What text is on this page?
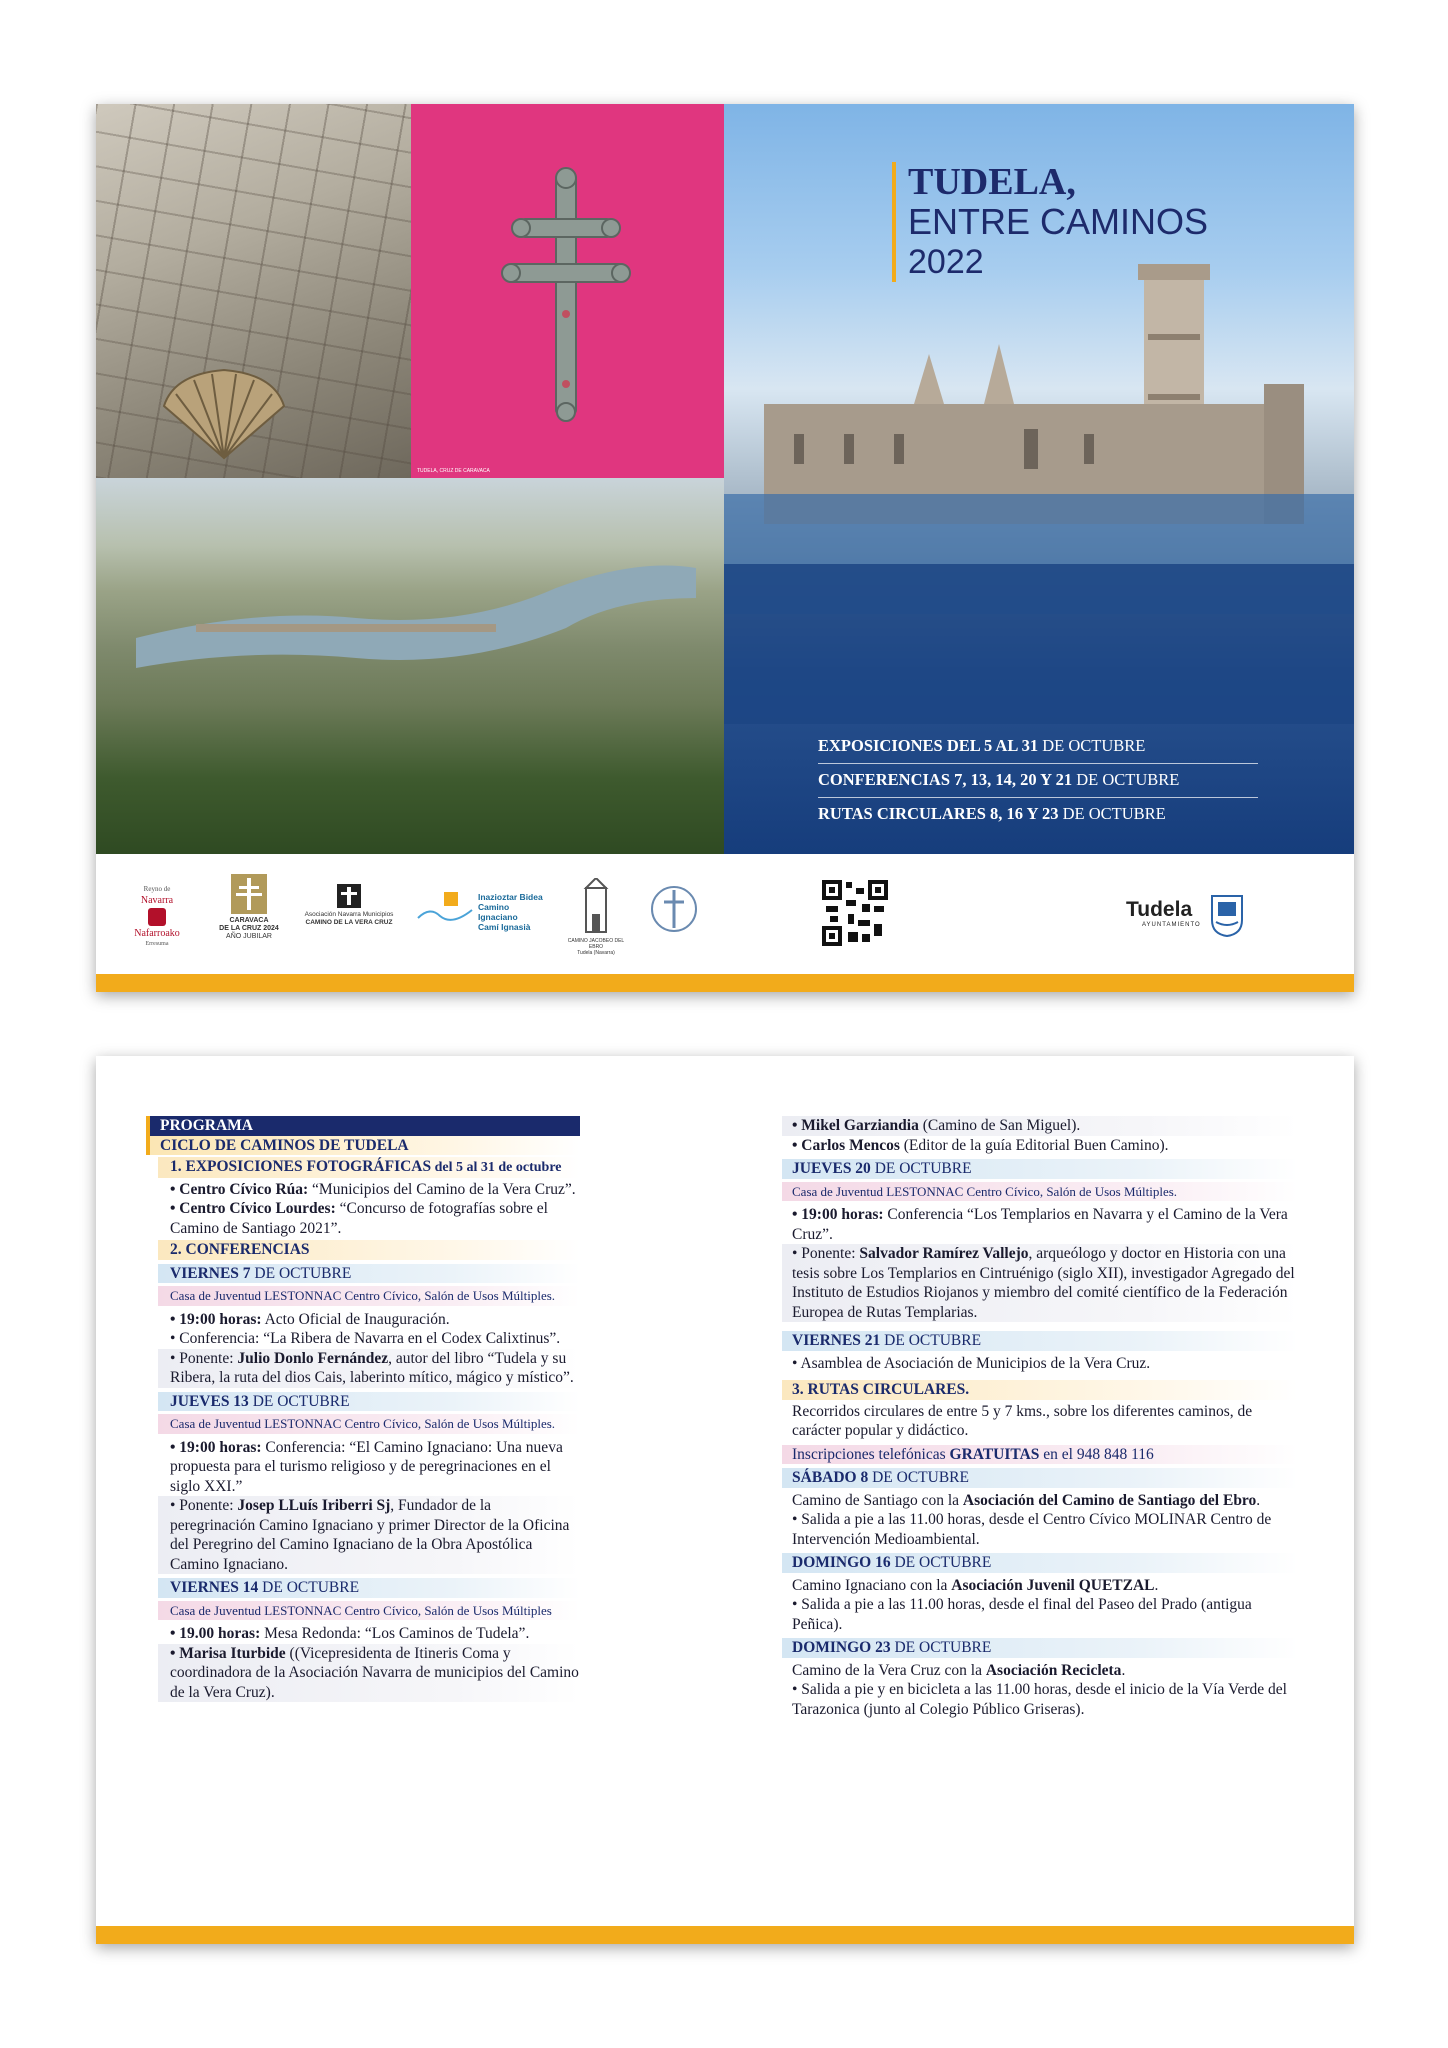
TUDELA, CRUZ DE CARAVACA
TUDELA,
ENTRE CAMINOS
2022
EXPOSICIONES DEL 5 AL 31 DE OCTUBRE
CONFERENCIAS 7, 13, 14, 20 Y 21 DE OCTUBRE
RUTAS CIRCULARES 8, 16 Y 23 DE OCTUBRE
Reyno de
Navarra
Nafarroako
Erresuma
CARAVACA
DE LA CRUZ 2024
AÑO JUBILAR
Asociación Navarra Municipios
CAMINO DE LA VERA CRUZ
Inazioztar Bidea
Camino Ignaciano
Camí Ignasià
CAMINO JACOBEO DEL EBRO
Tudela (Navarra)
Tudela
AYUNTAMIENTO
PROGRAMA
CICLO DE CAMINOS DE TUDELA
1. EXPOSICIONES FOTOGRÁFICAS del 5 al 31 de octubre
• Centro Cívico Rúa: “Municipios del Camino de la Vera Cruz”.
• Centro Cívico Lourdes: “Concurso de fotografías sobre el Camino de Santiago 2021”.
2. CONFERENCIAS
VIERNES 7 DE OCTUBRE
Casa de Juventud LESTONNAC Centro Cívico, Salón de Usos Múltiples.
• 19:00 horas: Acto Oficial de Inauguración.
• Conferencia: “La Ribera de Navarra en el Codex Calixtinus”.
• Ponente: Julio Donlo Fernández, autor del libro “Tudela y su Ribera, la ruta del dios Cais, laberinto mítico, mágico y místico”.
JUEVES 13 DE OCTUBRE
Casa de Juventud LESTONNAC Centro Cívico, Salón de Usos Múltiples.
• 19:00 horas: Conferencia: “El Camino Ignaciano: Una nueva propuesta para el turismo religioso y de peregrinaciones en el siglo XXI.”
• Ponente: Josep LLuís Iriberri Sj, Fundador de la peregrinación Camino Ignaciano y primer Director de la Oficina del Peregrino del Camino Ignaciano de la Obra Apostólica Camino Ignaciano.
VIERNES 14 DE OCTUBRE
Casa de Juventud LESTONNAC Centro Cívico, Salón de Usos Múltiples
• 19.00 horas: Mesa Redonda: “Los Caminos de Tudela”.
• Marisa Iturbide ((Vicepresidenta de Itineris Coma y coordinadora de la Asociación Navarra de municipios del Camino de la Vera Cruz).
• Mikel Garziandia (Camino de San Miguel).
• Carlos Mencos (Editor de la guía Editorial Buen Camino).
JUEVES 20 DE OCTUBRE
Casa de Juventud LESTONNAC Centro Cívico, Salón de Usos Múltiples.
• 19:00 horas: Conferencia “Los Templarios en Navarra y el Camino de la Vera Cruz”.
• Ponente: Salvador Ramírez Vallejo, arqueólogo y doctor en Historia con una tesis sobre Los Templarios en Cintruénigo (siglo XII), investigador Agregado del Instituto de Estudios Riojanos y miembro del comité científico de la Federación Europea de Rutas Templarias.
VIERNES 21 DE OCTUBRE
• Asamblea de Asociación de Municipios de la Vera Cruz.
3. RUTAS CIRCULARES.
Recorridos circulares de entre 5 y 7 kms., sobre los diferentes caminos, de carácter popular y didáctico.
Inscripciones telefónicas GRATUITAS en el 948 848 116
SÁBADO 8 DE OCTUBRE
Camino de Santiago con la Asociación del Camino de Santiago del Ebro.
• Salida a pie a las 11.00 horas, desde el Centro Cívico MOLINAR Centro de Intervención Medioambiental.
DOMINGO 16 DE OCTUBRE
Camino Ignaciano con la Asociación Juvenil QUETZAL.
• Salida a pie a las 11.00 horas, desde el final del Paseo del Prado (antigua Peñica).
DOMINGO 23 DE OCTUBRE
Camino de la Vera Cruz con la Asociación Recicleta.
• Salida a pie y en bicicleta a las 11.00 horas, desde el inicio de la Vía Verde del Tarazonica (junto al Colegio Público Griseras).
